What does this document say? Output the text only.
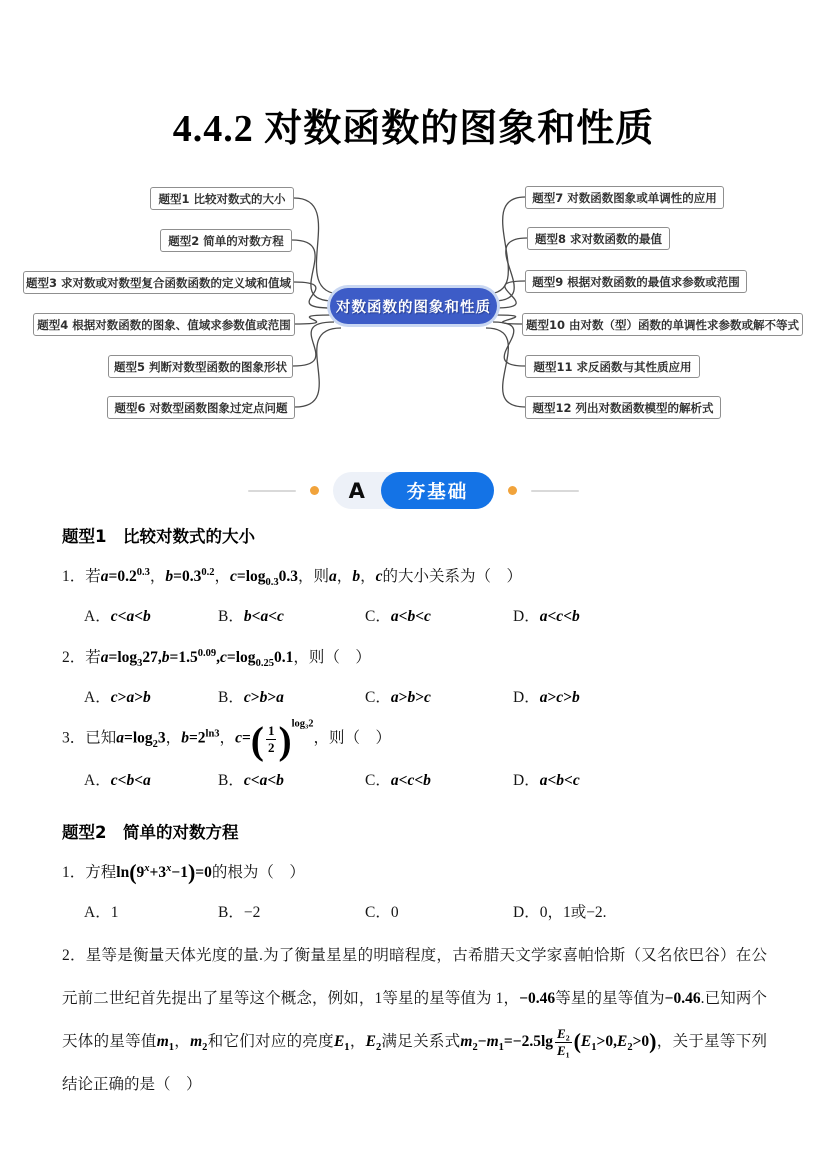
4.4.2 对数函数的图象和性质
题型1 比较对数式的大小
题型2 简单的对数方程
题型3 求对数或对数型复合函数函数的定义域和值域
题型4 根据对数函数的图象、值域求参数值或范围
题型5 判断对数型函数的图象形状
题型6 对数型函数图象过定点问题
题型7 对数函数图象或单调性的应用
题型8 求对数函数的最值
题型9 根据对数函数的最值求参数或范围
题型10 由对数（型）函数的单调性求参数或解不等式
题型11 求反函数与其性质应用
题型12 列出对数函数模型的解析式
对数函数的图象和性质
A	夯基础
题型1　比较对数式的大小
1．若$a=0.2^{0.3}$，$b=0.3^{0.2}$，$c=\log_{0.3}0.3$，则a，b，c的大小关系为（　）
A．c<a<b	B．b<a<c	C．a<b<c	D．a<c<b
2．若$a=\log_327,b=1.5^{0.09},c=\log_{0.25}0.1$，则（　）
A．c>a>b	B．c>b>a	C．a>b>c	D．a>c>b
3．已知$a=\log_23$，$b=2^{ln3}$，$c=( \frac{1}{2} )^{log_32}$，则（　）
A．c<b<a	B．c<a<b	C．a<c<b	D．a<b<c
题型2　简单的对数方程
1．方程$\ln(9^x+3^x-1)=0$的根为（　）
A．1	B．−2	C．0	D．0，1或−2.
2．星等是衡量天体光度的量.为了衡量星星的明暗程度，古希腊天文学家喜帕恰斯（又名依巴谷）在公元前二世纪首先提出了星等这个概念，例如，1等星的星等值为 1，−0.46等星的星等值为−0.46.已知两个天体的星等值$m_1$，$m_2$和它们对应的亮度$E_1$，$E_2$满足关系式$m_2-m_1=-2.5\lg \frac{\text{E₂}}{\text{E₁}} (E_1>0,E_2>0)$，关于星等下列结论正确的是（　）
